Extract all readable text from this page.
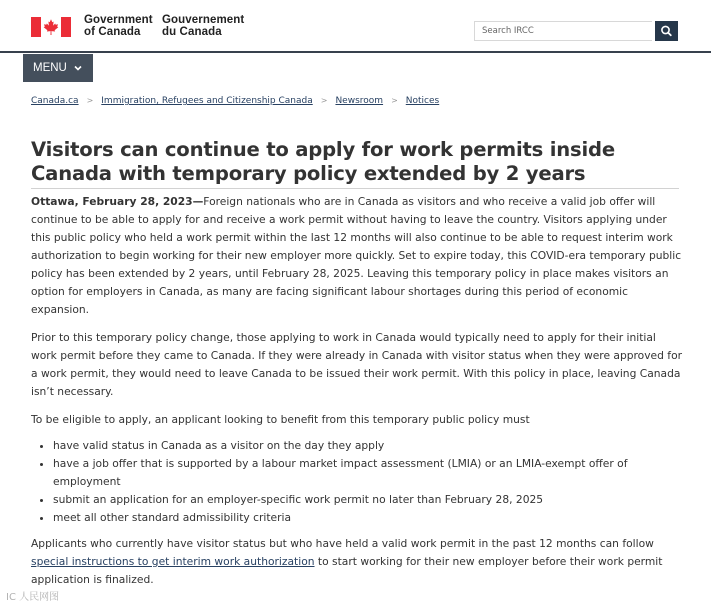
Government
of Canada
Gouvernement
du Canada
Search IRCC
MENU
Canada.ca > Immigration, Refugees and Citizenship Canada > Newsroom > Notices
Visitors can continue to apply for work permits inside Canada with temporary policy extended by 2 years

Ottawa, February 28, 2023—Foreign nationals who are in Canada as visitors and who receive a valid job offer will continue to be able to apply for and receive a work permit without having to leave the country. Visitors applying under this public policy who held a work permit within the last 12 months will also continue to be able to request interim work authorization to begin working for their new employer more quickly. Set to expire today, this COVID-era temporary public policy has been extended by 2 years, until February 28, 2025. Leaving this temporary policy in place makes visitors an option for employers in Canada, as many are facing significant labour shortages during this period of economic expansion.

Prior to this temporary policy change, those applying to work in Canada would typically need to apply for their initial work permit before they came to Canada. If they were already in Canada with visitor status when they were approved for a work permit, they would need to leave Canada to be issued their work permit. With this policy in place, leaving Canada isn’t necessary.

To be eligible to apply, an applicant looking to benefit from this temporary public policy must

• have valid status in Canada as a visitor on the day they apply
• have a job offer that is supported by a labour market impact assessment (LMIA) or an LMIA-exempt offer of employment
• submit an application for an employer-specific work permit no later than February 28, 2025
• meet all other standard admissibility criteria

Applicants who currently have visitor status but who have held a valid work permit in the past 12 months can follow special instructions to get interim work authorization to start working for their new employer before their work permit application is finalized.

IC 人民网图
